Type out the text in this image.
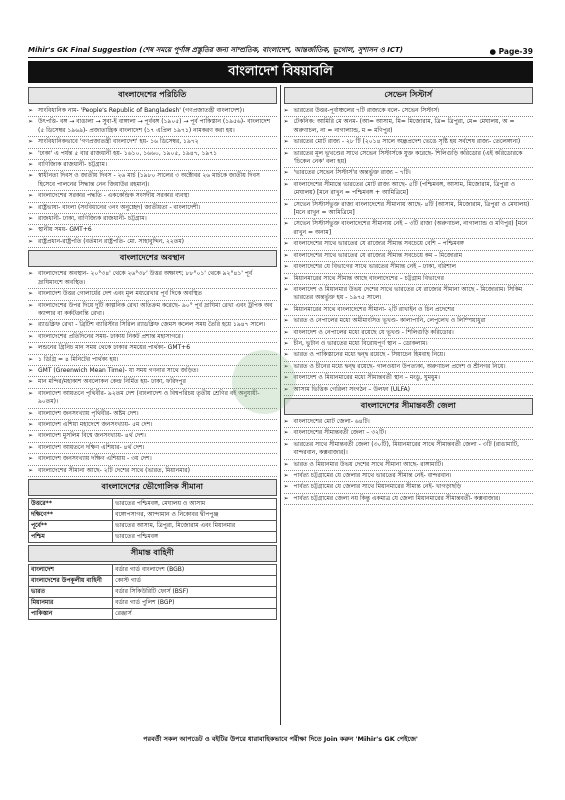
Mihir's GK Final Suggestion (শেষ সময়ে পূর্ণাঙ্গ প্রস্তুতির জন্য সাম্প্রতিক, বাংলাদেশ, আন্তর্জাতিক, ভূগোল, সুশাসন ও ICT)	● Page-39
বাংলাদেশ বিষয়াবলি
বাংলাদেশের পরিচিতি
➢ সাংবিধানিক নাম- 'People's Republic of Bangladesh' (গণপ্রজাতন্ত্রী বাংলাদেশ)।
➢ উৎপত্তি- বঙ্গ → বাঙালা → সুবা-ই বাঙ্গালা → পূর্ববঙ্গ (১৯০৫) → পূর্ব পাকিস্তান (১৯৫৬)- বাংলাদেশ (৫ ডিসেম্বর ১৯৬৯)- প্রজাতান্ত্রিক বাংলাদেশ (১৭ এপ্রিল ১৯৭১) নামকরণ করা হয়।
➢ সাংবিধানিকভাবে 'গণপ্রজাতন্ত্রী বাংলাদেশ' হয়- ১৬ ডিসেম্বর, ১৯৭২
➢ 'ঢাকা' এ পর্যন্ত ৫ বার রাজধানী হয়- ১৬১০, ১৬৬০, ১৯০৫, ১৯৪৭, ১৯৭১
➢ বাণিজ্যিক রাজধানী- চট্টগ্রাম।
➢ স্বাধীনতা দিবস ও জাতীয় দিবস - ২৬ মার্চ (১৯৮০ সালের ৩ অক্টোবর ২৬ মার্চকে জাতীয় দিবস হিসেবে পালনের সিদ্ধান্ত নেন জিয়াউর রহমান)।
➢ বাংলাদেশের সরকার পদ্ধতি - এককেন্দ্রিক সংসদীয় সরকার ব্যবস্থা
➢ রাষ্ট্রভাষা- বাংলা (সংবিধানের ৩নং অনুচ্ছেদ) জাতীয়তা - বাংলাদেশী।
➢ রাজধানী- ঢাকা, বাণিজ্যিক রাজধানী- চট্টগ্রাম।
➢ স্থানীয় সময়- GMT+6
➢ রাষ্ট্রপ্রধান-রাষ্ট্রপতি (বর্তমান রাষ্ট্রপতি- মো. সাহাবুদ্দিন, ২২তম)
বাংলাদেশের অবস্থান
➢ বাংলাদেশের অবস্থান- ২০°৩৪' থেকে ২৬°৩৮' উত্তর অক্ষাংশ; ৮৮°০১' থেকে ৯২°৪১' পূর্ব দ্রাঘিমাংশে অবস্থিত।
➢ বাংলাদেশ উত্তর গোলার্ধের দেশ এবং মূল মধ্যরেখার পূর্ব দিকে অবস্থিত
➢ বাংলাদেশের উপর দিয়ে দুটি কাল্পনিক রেখা অতিক্রম করেছে- ৯০° পূর্ব দ্রাঘিমা রেখা এবং ট্রপিক অব ক্যান্সার বা কর্কটক্রান্তি রেখা।
➢ র‍্যাডক্লিফ রেখা - ব্রিটিশ ব্যারিস্টার সিরিল র‍্যাডক্লিফ জেমস কলেল সময় তৈরি হয়ে ১৯৪৭ সালে।
➢ বাংলাদেশের প্রতিদিনের সময়- ঢাকায় নিকট প্রশান্ত মহাসাগরে।
➢ লন্ডনের গ্রিনিচ মান সময় থেকে ঢাকার সময়ের পার্থক্য- GMT+6
➢ ১ ডিগ্রি = ৪ মিনিটের পার্থক্য হয়।
➢ GMT (Greenwich Mean Time)- যা সময় গণনার সাথে জড়িত।
➢ মান মন্দির/মহাকাশ অবলোকন কেন্দ্র নির্মিত হয়- ঢাকা, ফরিদপুর
➢ বাংলাদেশ আয়তনে পৃথিবীর- ৯২তম দেশ (বাংলাদেশ ও বিশ্বপরিচয় তৃতীয় শ্রেণির বই অনুযায়ী- ৯০তম)।
➢ বাংলাদেশ জনসংখ্যায় পৃথিবীর- অষ্টম দেশ।
➢ বাংলাদেশ এশিয়া মহাদেশে জনসংখ্যায়- ৫ম দেশ।
➢ বাংলাদেশ মুসলিম বিশ্বে জনসংখ্যায়- ৪র্থ দেশ।
➢ বাংলাদেশ আয়তনে দক্ষিণ এশিয়ার- ৪র্থ দেশ।
➢ বাংলাদেশ জনসংখ্যায় দক্ষিণ এশিয়ায় - ৩য় দেশ।
➢ বাংলাদেশের সীমানা আছে- ২টি দেশের সাথে (ভারত, মিয়ানমার)
বাংলাদেশের ভৌগোলিক সীমানা
উত্তরে**	ভারতের পশ্চিমবঙ্গ, মেঘালয় ও আসাম
দক্ষিণে**	বঙ্গোপসাগর, আন্দামান ও নিকোবর দ্বীপপুঞ্জ
পূর্বে**	ভারতের আসাম, ত্রিপুরা, মিজোরাম এবং মিয়ানমার
পশ্চিম	ভারতের পশ্চিমবঙ্গ
সীমান্ত বাহিনী
বাংলাদেশ	বর্ডার গার্ড বাংলাদেশ (BGB)
বাংলাদেশের উপকূলীয় বাহিনী	কোস্ট গার্ড
ভারত	বর্ডার সিকিউরিটি ফোর্স (BSF)
মিয়ানমার	বর্ডার গার্ড পুলিশ (BGP)
পাকিস্তান	রেঞ্জার্স
সেভেন সিস্টার্স
➢ ভারতের উত্তর-পূর্বাঞ্চলের ৭টি রাজ্যকে বলে- সেভেন সিস্টার্স।
➢ টেকনিক: আমিরি মে অনম- (আ= আসাম, মি= মিজোরাম, ত্রি= ত্রিপুরা, মে= মেঘালয়, অ = অরুণাচল, না = নাগাল্যান্ড, ম = মণিপুর)
➢ ভারতের মোট রাজ্য - ২৮ টি (২০১৪ সালে অন্ধ্রপ্রদেশ ভেঙে সৃষ্টি হয় সর্বশেষ রাজ্য- তেলেঙ্গানা)
➢ ভারতের মূল ভূখণ্ডের সাথে সেভেন সিস্টার্সকে যুক্ত করেছে- শিলিগুড়ি করিডোর (এই করিডোরকে 'চিকেন নেক' বলা হয়)
➢ 'ভারতের সেভেন সিস্টার্স'র অন্তর্ভুক্ত রাজ্য – ৭টি।
➢ বাংলাদেশের সীমান্তে ভারতের মোট রাজ্য আছে- ৫টি (পশ্চিমবঙ্গ, আসাম, মিজোরাম, ত্রিপুরা ও মেঘালয়) [মনে রাখুন = পশ্চিমবঙ্গ + আমিত্রিমে]
➢ সেভেন সিস্টার্সভুক্ত রাজ্য বাংলাদেশের সীমানায় আছে- ৪টি (আসাম, মিজোরাম, ত্রিপুরা ও মেঘালয়) [মনে রাখুন = আমিত্রিমে]
➢ সেভেন সিস্টার্সভুক্ত বাংলাদেশের সীমানায় নেই – ৩টি রাজ্য (অরুণাচল, নাগাল্যান্ড ও মণিপুর) [মনে রাখুন = অনাম]
➢ বাংলাদেশের সাথে ভারতের যে রাজ্যের সীমান্ত সবচেয়ে বেশি – পশ্চিমবঙ্গ
➢ বাংলাদেশের সাথে ভারতের যে রাজ্যের সীমান্ত সবচেয়ে কম – মিজোরাম
➢ বাংলাদেশের যে বিভাগের সাথে ভারতের সীমান্ত নেই – ঢাকা, বরিশাল
➢ মিয়ানমারের সাথে সীমান্ত আছে বাংলাদেশের – চট্টগ্রাম বিভাগের
➢ বাংলাদেশ ও মিয়ানমার উভয় দেশের সাথে ভারতের যে রাজ্যের সীমানা আছে - মিজোরাম। সিকিম ভারতের অন্তর্ভুক্ত হয় - ১৯৭৫ সালে।
➢ মিয়ানমারের সাথে বাংলাদেশের সীমানা- ২টি রাখাইন ও চিন প্রদেশের
➢ ভারত ও নেপালের মধ্যে অমীমাংসিত ভূখণ্ড- কালাপানি, লেপুলেখ ও লিম্পিয়াধুরা
➢ বাংলাদেশ ও নেপালের মধ্যে রয়েছে যে ভূখণ্ড - শিলিগুড়ি করিডোর।
➢ চীন, ভুটান ও ভারতের মধ্যে বিরোধপূর্ণ স্থান – ডোকলাম।
➢ ভারত ও পাকিস্তানের মধ্যে দ্বন্দ্ব রয়েছে - সিয়াচেন হিমবাহ নিয়ে।
➢ ভারত ও চীনের মধ্যে দ্বন্দ্ব রয়েছে- গালওয়ান উপত্যকা, অরুণাচল প্রদেশ ও শ্রীনগর নিয়ে।
➢ বাংলাদেশ ও মিয়ানমারের মধ্যে সীমান্তবর্তী স্থান – মংডু, ঘুমধুম।
➢ আসাম ভিত্তিক গেরিলা সংগঠন – উলফা (ULFA)
বাংলাদেশের সীমান্তবর্তী জেলা
➢ বাংলাদেশের মোট জেলা- ৬৪টি।
➢ বাংলাদেশের সীমান্তবর্তী জেলা – ৩২টি।
➢ ভারতের সাথে সীমান্তবর্তী জেলা (৩০টি), মিয়ানমারের সাথে সীমান্তবর্তী জেলা - ৩টি (রাঙামাটি, বান্দরবান, কক্সবাজার)।
➢ ভারত ও মিয়ানমার উভয় দেশের সাথে সীমানা আছে- রাঙ্গামাটি।
➢ পার্বত্য চট্টগ্রামের যে জেলার সাথে ভারতের সীমান্ত নেই- বান্দরবান।
➢ পার্বত্য চট্টগ্রামের যে জেলার সাথে মিয়ানমারের সীমান্ত নেই- খাগড়াছড়ি
➢ পার্বত্য চট্টগ্রামের জেলা নয় কিন্তু একমাত্র যে জেলা মিয়ানমারের সীমান্তবর্তী- কক্সবাজার।
পরবর্তী সকল আপডেট ও বইটির উপরে ধারাবাহিকভাবে পরীক্ষা দিতে Join করুন 'Mihir's GK পেইজে'
